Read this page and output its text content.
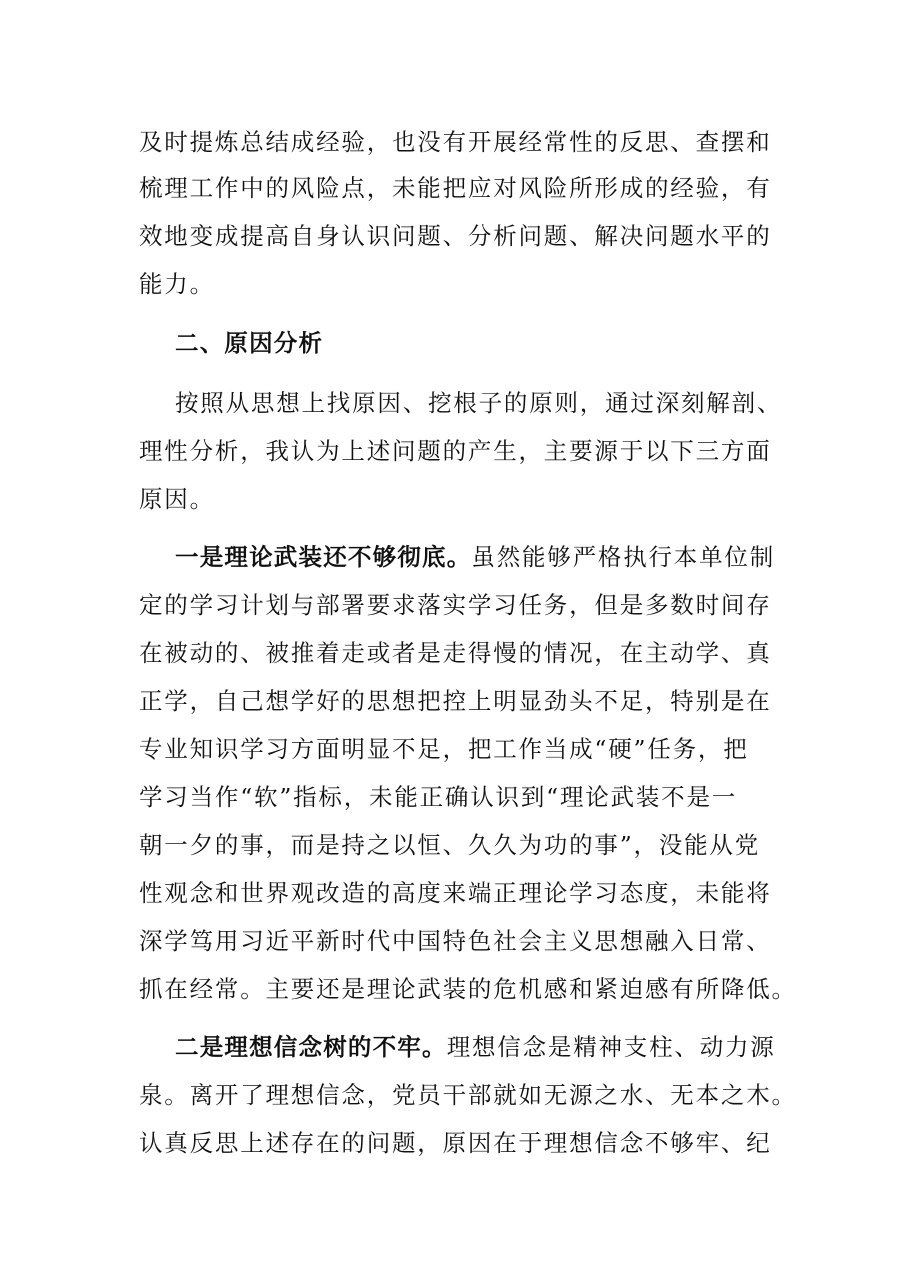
及时提炼总结成经验，也没有开展经常性的反思、查摆和
梳理工作中的风险点，未能把应对风险所形成的经验，有
效地变成提高自身认识问题、分析问题、解决问题水平的
能力。
二、原因分析
按照从思想上找原因、挖根子的原则，通过深刻解剖、
理性分析，我认为上述问题的产生，主要源于以下三方面
原因。
一是理论武装还不够彻底。虽然能够严格执行本单位制
定的学习计划与部署要求落实学习任务，但是多数时间存
在被动的、被推着走或者是走得慢的情况，在主动学、真
正学，自己想学好的思想把控上明显劲头不足，特别是在
专业知识学习方面明显不足，把工作当成“硬”任务，把
学习当作“软”指标，未能正确认识到“理论武装不是一
朝一夕的事，而是持之以恒、久久为功的事”，没能从党
性观念和世界观改造的高度来端正理论学习态度，未能将
深学笃用习近平新时代中国特色社会主义思想融入日常、
抓在经常。主要还是理论武装的危机感和紧迫感有所降低。
二是理想信念树的不牢。理想信念是精神支柱、动力源
泉。离开了理想信念，党员干部就如无源之水、无本之木。
认真反思上述存在的问题，原因在于理想信念不够牢、纪
